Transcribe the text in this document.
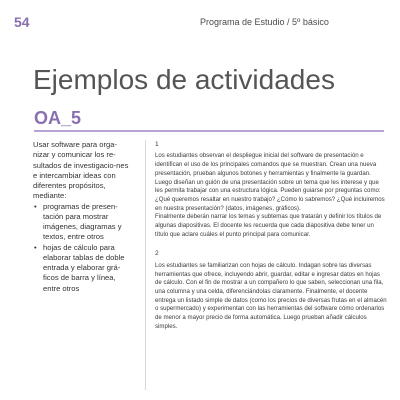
54	Programa de Estudio / 5º básico
Ejemplos de actividades
OA_5

Usar software para orga-nizar y comunicar los re-sultados de investigacio-nes e intercambiar ideas con diferentes propósitos, mediante:

• programas de presen-tación para mostrar imágenes, diagramas y textos, entre otros
• hojas de cálculo para elaborar tablas de doble entrada y elaborar grá-ficos de barra y línea, entre otros

1

Los estudiantes observan el despliegue inicial del software de presentación e identifican el uso de los principales comandos que se muestran. Crean una nueva presentación, prueban algunos botones y herramientas y finalmente la guardan.

Luego diseñan un guión de una presentación sobre un tema que les interese y que les permita trabajar con una estructura lógica. Pueden guiarse por preguntas como: ¿Qué queremos resaltar en nuestro trabajo? ¿Cómo lo sabremos? ¿Qué incluiremos en nuestra presentación? (datos, imágenes, gráficos).

Finalmente deberán narrar los temas y subtemas que tratarán y definir los títulos de algunas diapositivas. El docente les recuerda que cada diapositiva debe tener un título que aclare cuáles el punto principal para comunicar.

2

Los estudiantes se familiarizan con hojas de cálculo. Indagan sobre las diversas herramientas que ofrece, incluyendo abrir, guardar, editar e ingresar datos en hojas de cálculo. Con el fin de mostrar a un compañero lo que saben, seleccionan una fila, una columna y una celda, diferenciándolas claramente. Finalmente, el docente entrega un listado simple de datos (como los precios de diversas frutas en el almacén o supermercado) y experimentan con las herramientas del software cómo ordenarlos de menor a mayor precio de forma automática. Luego prueban añadir cálculos simples.
